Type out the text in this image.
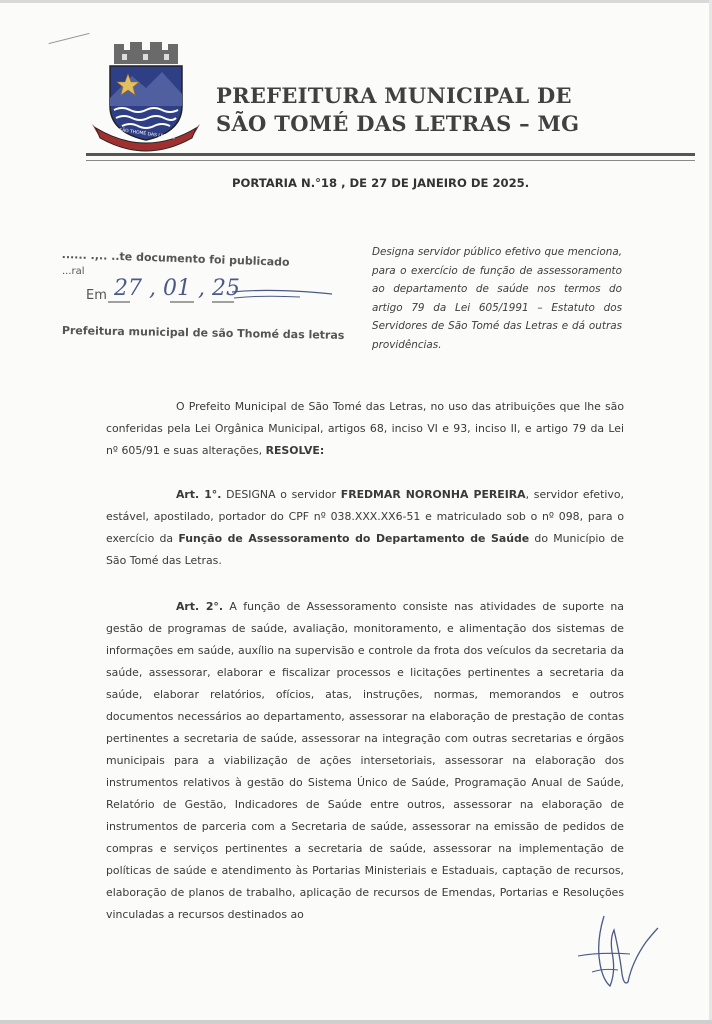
SÃO THOMÉ DAS LETRAS
PREFEITURA MUNICIPAL DE
SÃO TOMÉ DAS LETRAS – MG
PORTARIA N.°18 , DE 27 DE JANEIRO DE 2025.
...... .,.. ..te documento foi publicado
...ral
Em 27 , 01 , 25
Prefeitura municipal de são Thomé das letras
Designa servidor público efetivo que menciona, para o exercício de função de assessoramento ao departamento de saúde nos termos do artigo 79 da Lei 605/1991 – Estatuto dos Servidores de São Tomé das Letras e dá outras providências.
O Prefeito Municipal de São Tomé das Letras, no uso das atribuições que lhe são conferidas pela Lei Orgânica Municipal, artigos 68, inciso VI e 93, inciso II, e artigo 79 da Lei nº 605/91 e suas alterações, RESOLVE:
Art. 1°. DESIGNA o servidor FREDMAR NORONHA PEREIRA, servidor efetivo, estável, apostilado, portador do CPF nº 038.XXX.XX6-51 e matriculado sob o nº 098, para o exercício da Função de Assessoramento do Departamento de Saúde do Município de São Tomé das Letras.
Art. 2°. A função de Assessoramento consiste nas atividades de suporte na gestão de programas de saúde, avaliação, monitoramento, e alimentação dos sistemas de informações em saúde, auxílio na supervisão e controle da frota dos veículos da secretaria da saúde, assessorar, elaborar e fiscalizar processos e licitações pertinentes a secretaria da saúde, elaborar relatórios, ofícios, atas, instruções, normas, memorandos e outros documentos necessários ao departamento, assessorar na elaboração de prestação de contas pertinentes a secretaria de saúde, assessorar na integração com outras secretarias e órgãos municipais para a viabilização de ações intersetoriais, assessorar na elaboração dos instrumentos relativos à gestão do Sistema Único de Saúde, Programação Anual de Saúde, Relatório de Gestão, Indicadores de Saúde entre outros, assessorar na elaboração de instrumentos de parceria com a Secretaria de saúde, assessorar na emissão de pedidos de compras e serviços pertinentes a secretaria de saúde, assessorar na implementação de políticas de saúde e atendimento às Portarias Ministeriais e Estaduais, captação de recursos, elaboração de planos de trabalho, aplicação de recursos de Emendas, Portarias e Resoluções vinculadas a recursos destinados ao
